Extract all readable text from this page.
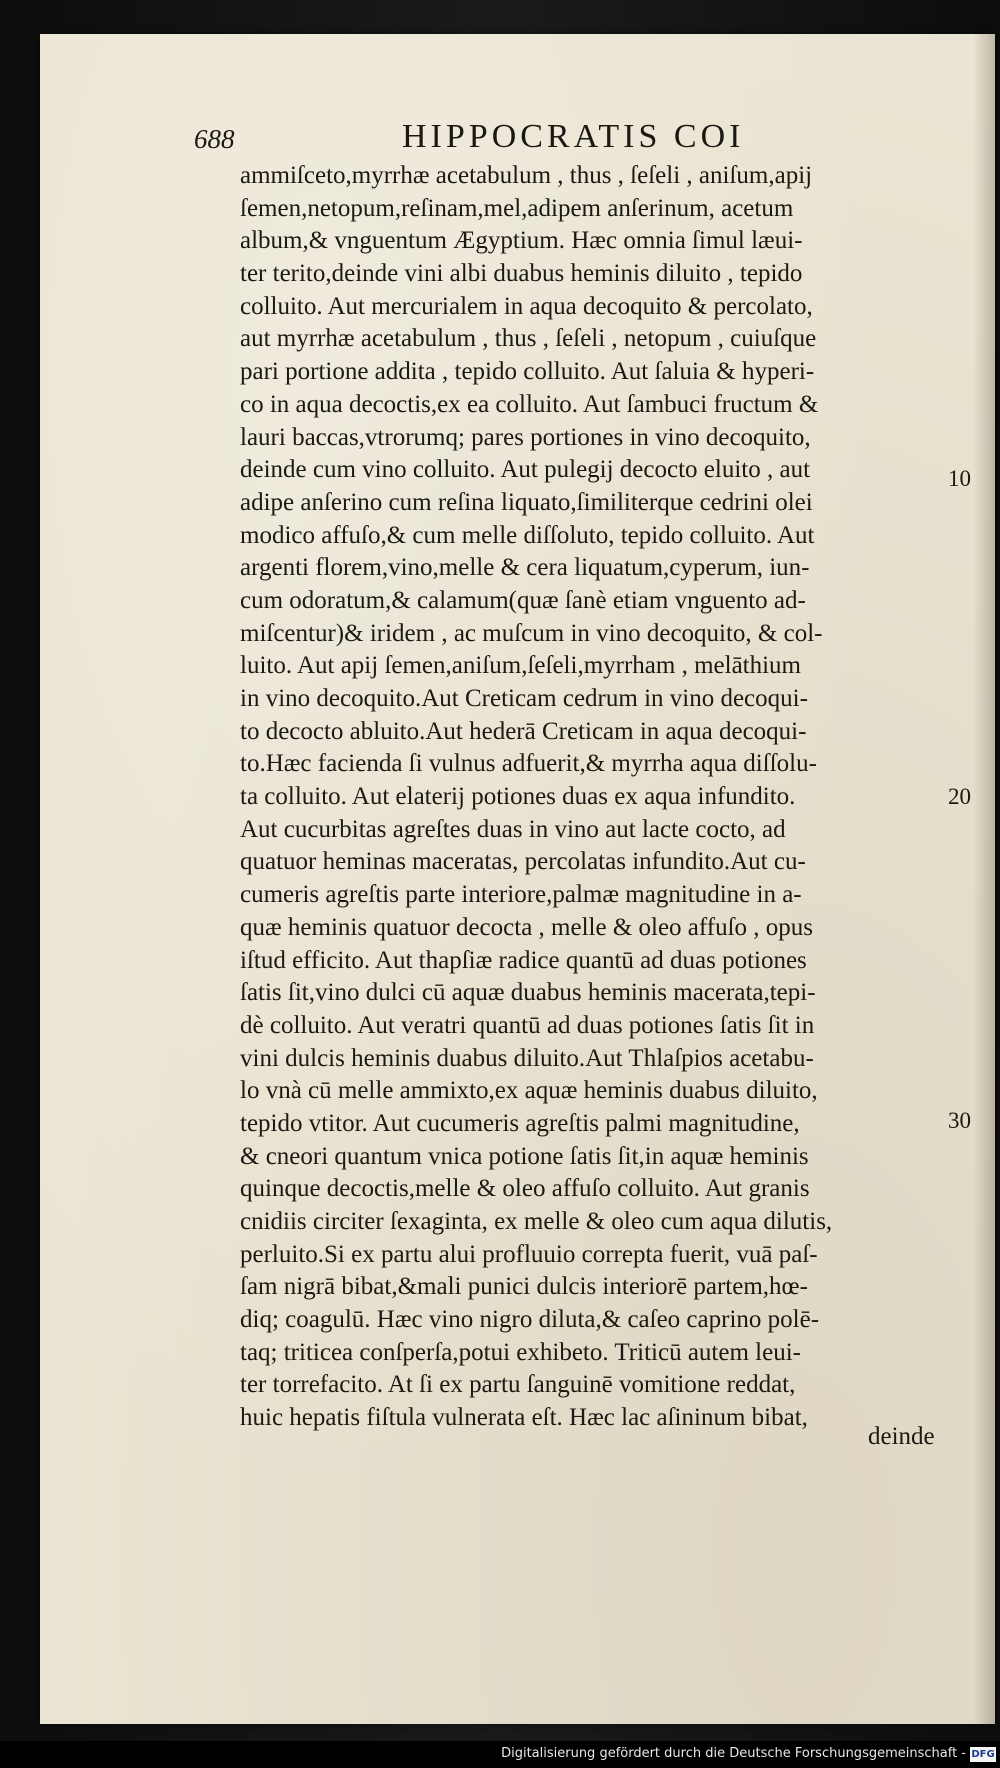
688	HIPPOCRATIS COI
ammiſceto,myrrhæ acetabulum , thus , ſeſeli , aniſum,apij
ſemen,netopum,reſinam,mel,adipem anſerinum, acetum
album,& vnguentum Ægyptium. Hæc omnia ſimul læui-
ter terito,deinde vini albi duabus heminis diluito , tepido
colluito. Aut mercurialem in aqua decoquito & percolato,
aut myrrhæ acetabulum , thus , ſeſeli , netopum , cuiuſque
pari portione addita , tepido colluito. Aut ſaluia & hyperi-
co in aqua decoctis,ex ea colluito. Aut ſambuci fructum &
lauri baccas,vtrorumq; pares portiones in vino decoquito,
deinde cum vino colluito. Aut pulegij decocto eluito , aut
adipe anſerino cum reſina liquato,ſimiliterque cedrini olei
modico affuſo,& cum melle diſſoluto, tepido colluito. Aut
argenti florem,vino,melle & cera liquatum,cyperum, iun-
cum odoratum,& calamum(quæ ſanè etiam vnguento ad-
miſcentur)& iridem , ac muſcum in vino decoquito, & col-
luito. Aut apij ſemen,aniſum,ſeſeli,myrrham , melāthium
in vino decoquito.Aut Creticam cedrum in vino decoqui-
to decocto abluito.Aut hederā Creticam in aqua decoqui-
to.Hæc facienda ſi vulnus adfuerit,& myrrha aqua diſſolu-
ta colluito. Aut elaterij potiones duas ex aqua infundito.
Aut cucurbitas agreſtes duas in vino aut lacte cocto, ad
quatuor heminas maceratas, percolatas infundito.Aut cu-
cumeris agreſtis parte interiore,palmæ magnitudine in a-
quæ heminis quatuor decocta , melle & oleo affuſo , opus
iſtud efficito. Aut thapſiæ radice quantū ad duas potiones
ſatis ſit,vino dulci cū aquæ duabus heminis macerata,tepi-
dè colluito. Aut veratri quantū ad duas potiones ſatis ſit in
vini dulcis heminis duabus diluito.Aut Thlaſpios acetabu-
lo vnà cū melle ammixto,ex aquæ heminis duabus diluito,
tepido vtitor. Aut cucumeris agreſtis palmi magnitudine,
& cneori quantum vnica potione ſatis ſit,in aquæ heminis
quinque decoctis,melle & oleo affuſo colluito. Aut granis
cnidiis circiter ſexaginta, ex melle & oleo cum aqua dilutis,
perluito.Si ex partu alui profluuio correpta fuerit, vuā paſ-
ſam nigrā bibat,&mali punici dulcis interiorē partem,hœ-
diq; coagulū. Hæc vino nigro diluta,& caſeo caprino polē-
taq; triticea conſperſa,potui exhibeto. Triticū autem leui-
ter torrefacito. At ſi ex partu ſanguinē vomitione reddat,
huic hepatis fiſtula vulnerata eſt. Hæc lac aſininum bibat,
10
20
30
deinde
Digitalisierung gefördert durch die Deutsche Forschungsgemeinschaft - DFG
